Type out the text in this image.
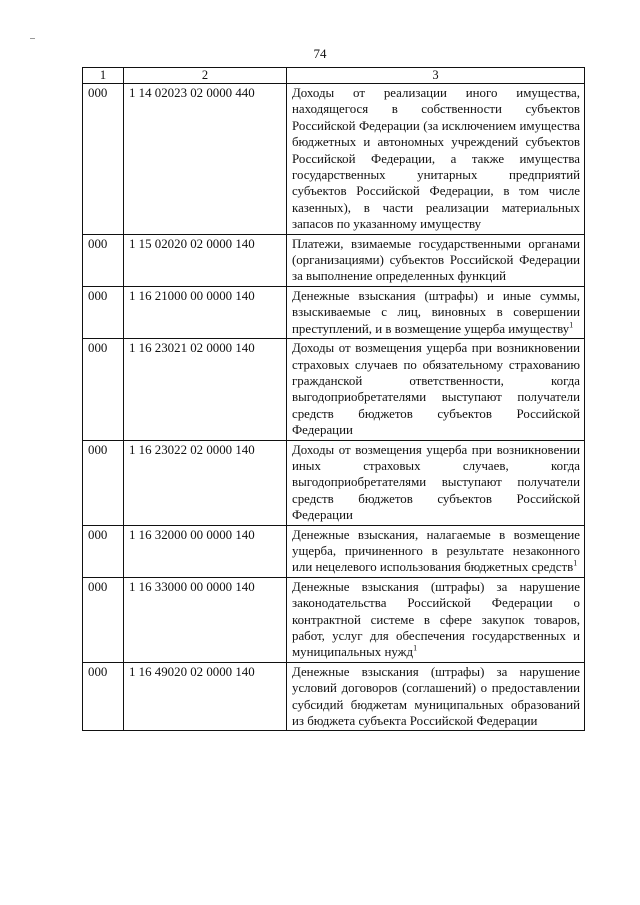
74
1	2	3
000	1 14 02023 02 0000 440	Доходы от реализации иного имущества, находящегося в собственности субъектов Российской Федерации (за исключением имущества бюджетных и автономных учреждений субъектов Российской Федерации, а также имущества государственных унитарных предприятий субъектов Российской Федерации, в том числе казенных), в части реализации материальных запасов по указанному имуществу
000	1 15 02020 02 0000 140	Платежи, взимаемые государственными органами (организациями) субъектов Российской Федерации за выполнение определенных функций
000	1 16 21000 00 0000 140	Денежные взыскания (штрафы) и иные суммы, взыскиваемые с лиц, виновных в совершении преступлений, и в возмещение ущерба имуществу$^1$
000	1 16 23021 02 0000 140	Доходы от возмещения ущерба при возникновении страховых случаев по обязательному страхованию гражданской ответственности, когда выгодоприобретателями выступают получатели средств бюджетов субъектов Российской Федерации
000	1 16 23022 02 0000 140	Доходы от возмещения ущерба при возникновении иных страховых случаев, когда выгодоприобретателями выступают получатели средств бюджетов субъектов Российской Федерации
000	1 16 32000 00 0000 140	Денежные взыскания, налагаемые в возмещение ущерба, причиненного в результате незаконного или нецелевого использования бюджетных средств$^1$
000	1 16 33000 00 0000 140	Денежные взыскания (штрафы) за нарушение законодательства Российской Федерации о контрактной системе в сфере закупок товаров, работ, услуг для обеспечения государственных и муниципальных нужд$^1$
000	1 16 49020 02 0000 140	Денежные взыскания (штрафы) за нарушение условий договоров (соглашений) о предоставлении субсидий бюджетам муниципальных образований из бюджета субъекта Российской Федерации
